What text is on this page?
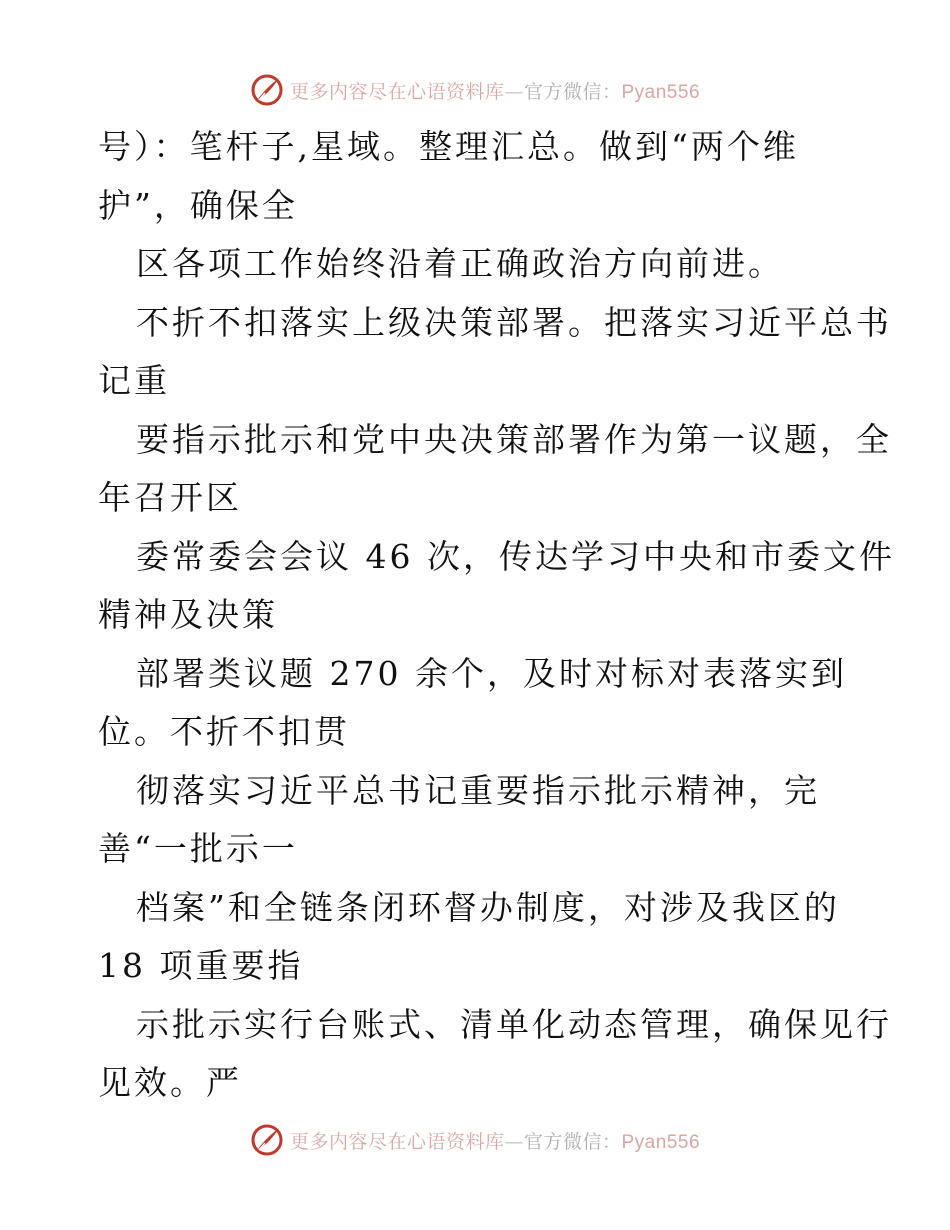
更多内容尽在心语资料库—官方微信：Pyan556
号）：笔杆子,星域。整理汇总。做到“两个维
护”，确保全
区各项工作始终沿着正确政治方向前进。
不折不扣落实上级决策部署。把落实习近平总书
记重
要指示批示和党中央决策部署作为第一议题，全
年召开区
委常委会会议 46 次，传达学习中央和市委文件
精神及决策
部署类议题 270 余个，及时对标对表落实到
位。不折不扣贯
彻落实习近平总书记重要指示批示精神，完
善“一批示一
档案”和全链条闭环督办制度，对涉及我区的
18 项重要指
示批示实行台账式、清单化动态管理，确保见行
见效。严
更多内容尽在心语资料库—官方微信：Pyan556
